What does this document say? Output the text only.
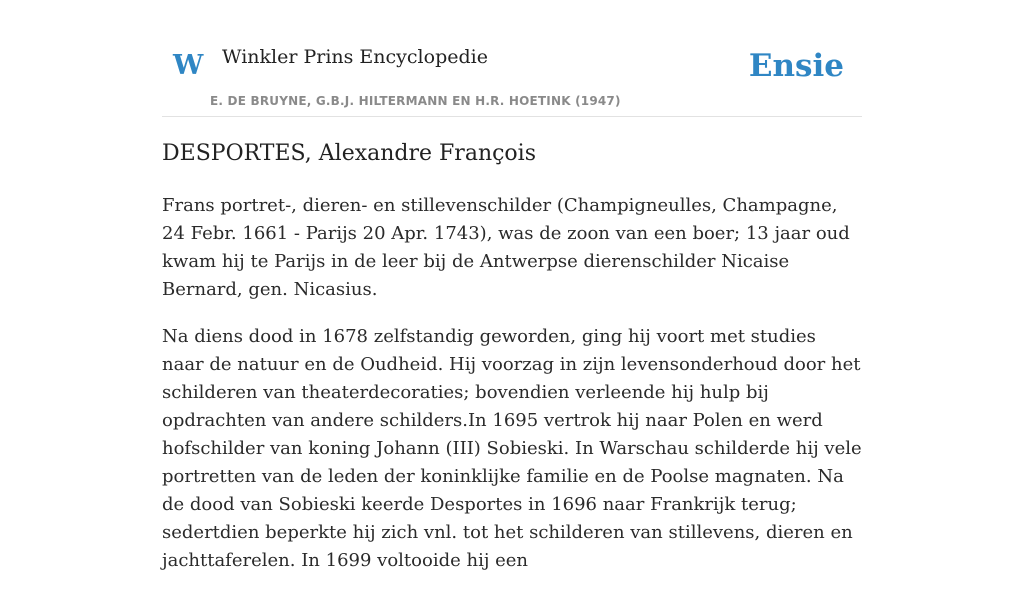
W Winkler Prins Encyclopedie
E. DE BRUYNE, G.B.J. HILTERMANN EN H.R. HOETINK (1947)
Ensie
DESPORTES, Alexandre François

Frans portret-, dieren- en stillevenschilder (Champigneulles, Champagne, 24 Febr. 1661 - Parijs 20 Apr. 1743), was de zoon van een boer; 13 jaar oud kwam hij te Parijs in de leer bij de Antwerpse dierenschilder Nicaise Bernard, gen. Nicasius.

Na diens dood in 1678 zelfstandig geworden, ging hij voort met studies naar de natuur en de Oudheid. Hij voorzag in zijn levensonderhoud door het schilderen van theaterdecoraties; bovendien verleende hij hulp bij opdrachten van andere schilders.In 1695 vertrok hij naar Polen en werd hofschilder van koning Johann (III) Sobieski. In Warschau schilderde hij vele portretten van de leden der koninklijke familie en de Poolse magnaten. Na de dood van Sobieski keerde Desportes in 1696 naar Frankrijk terug; sedertdien beperkte hij zich vnl. tot het schilderen van stillevens, dieren en jachttaferelen. In 1699 voltooide hij een
